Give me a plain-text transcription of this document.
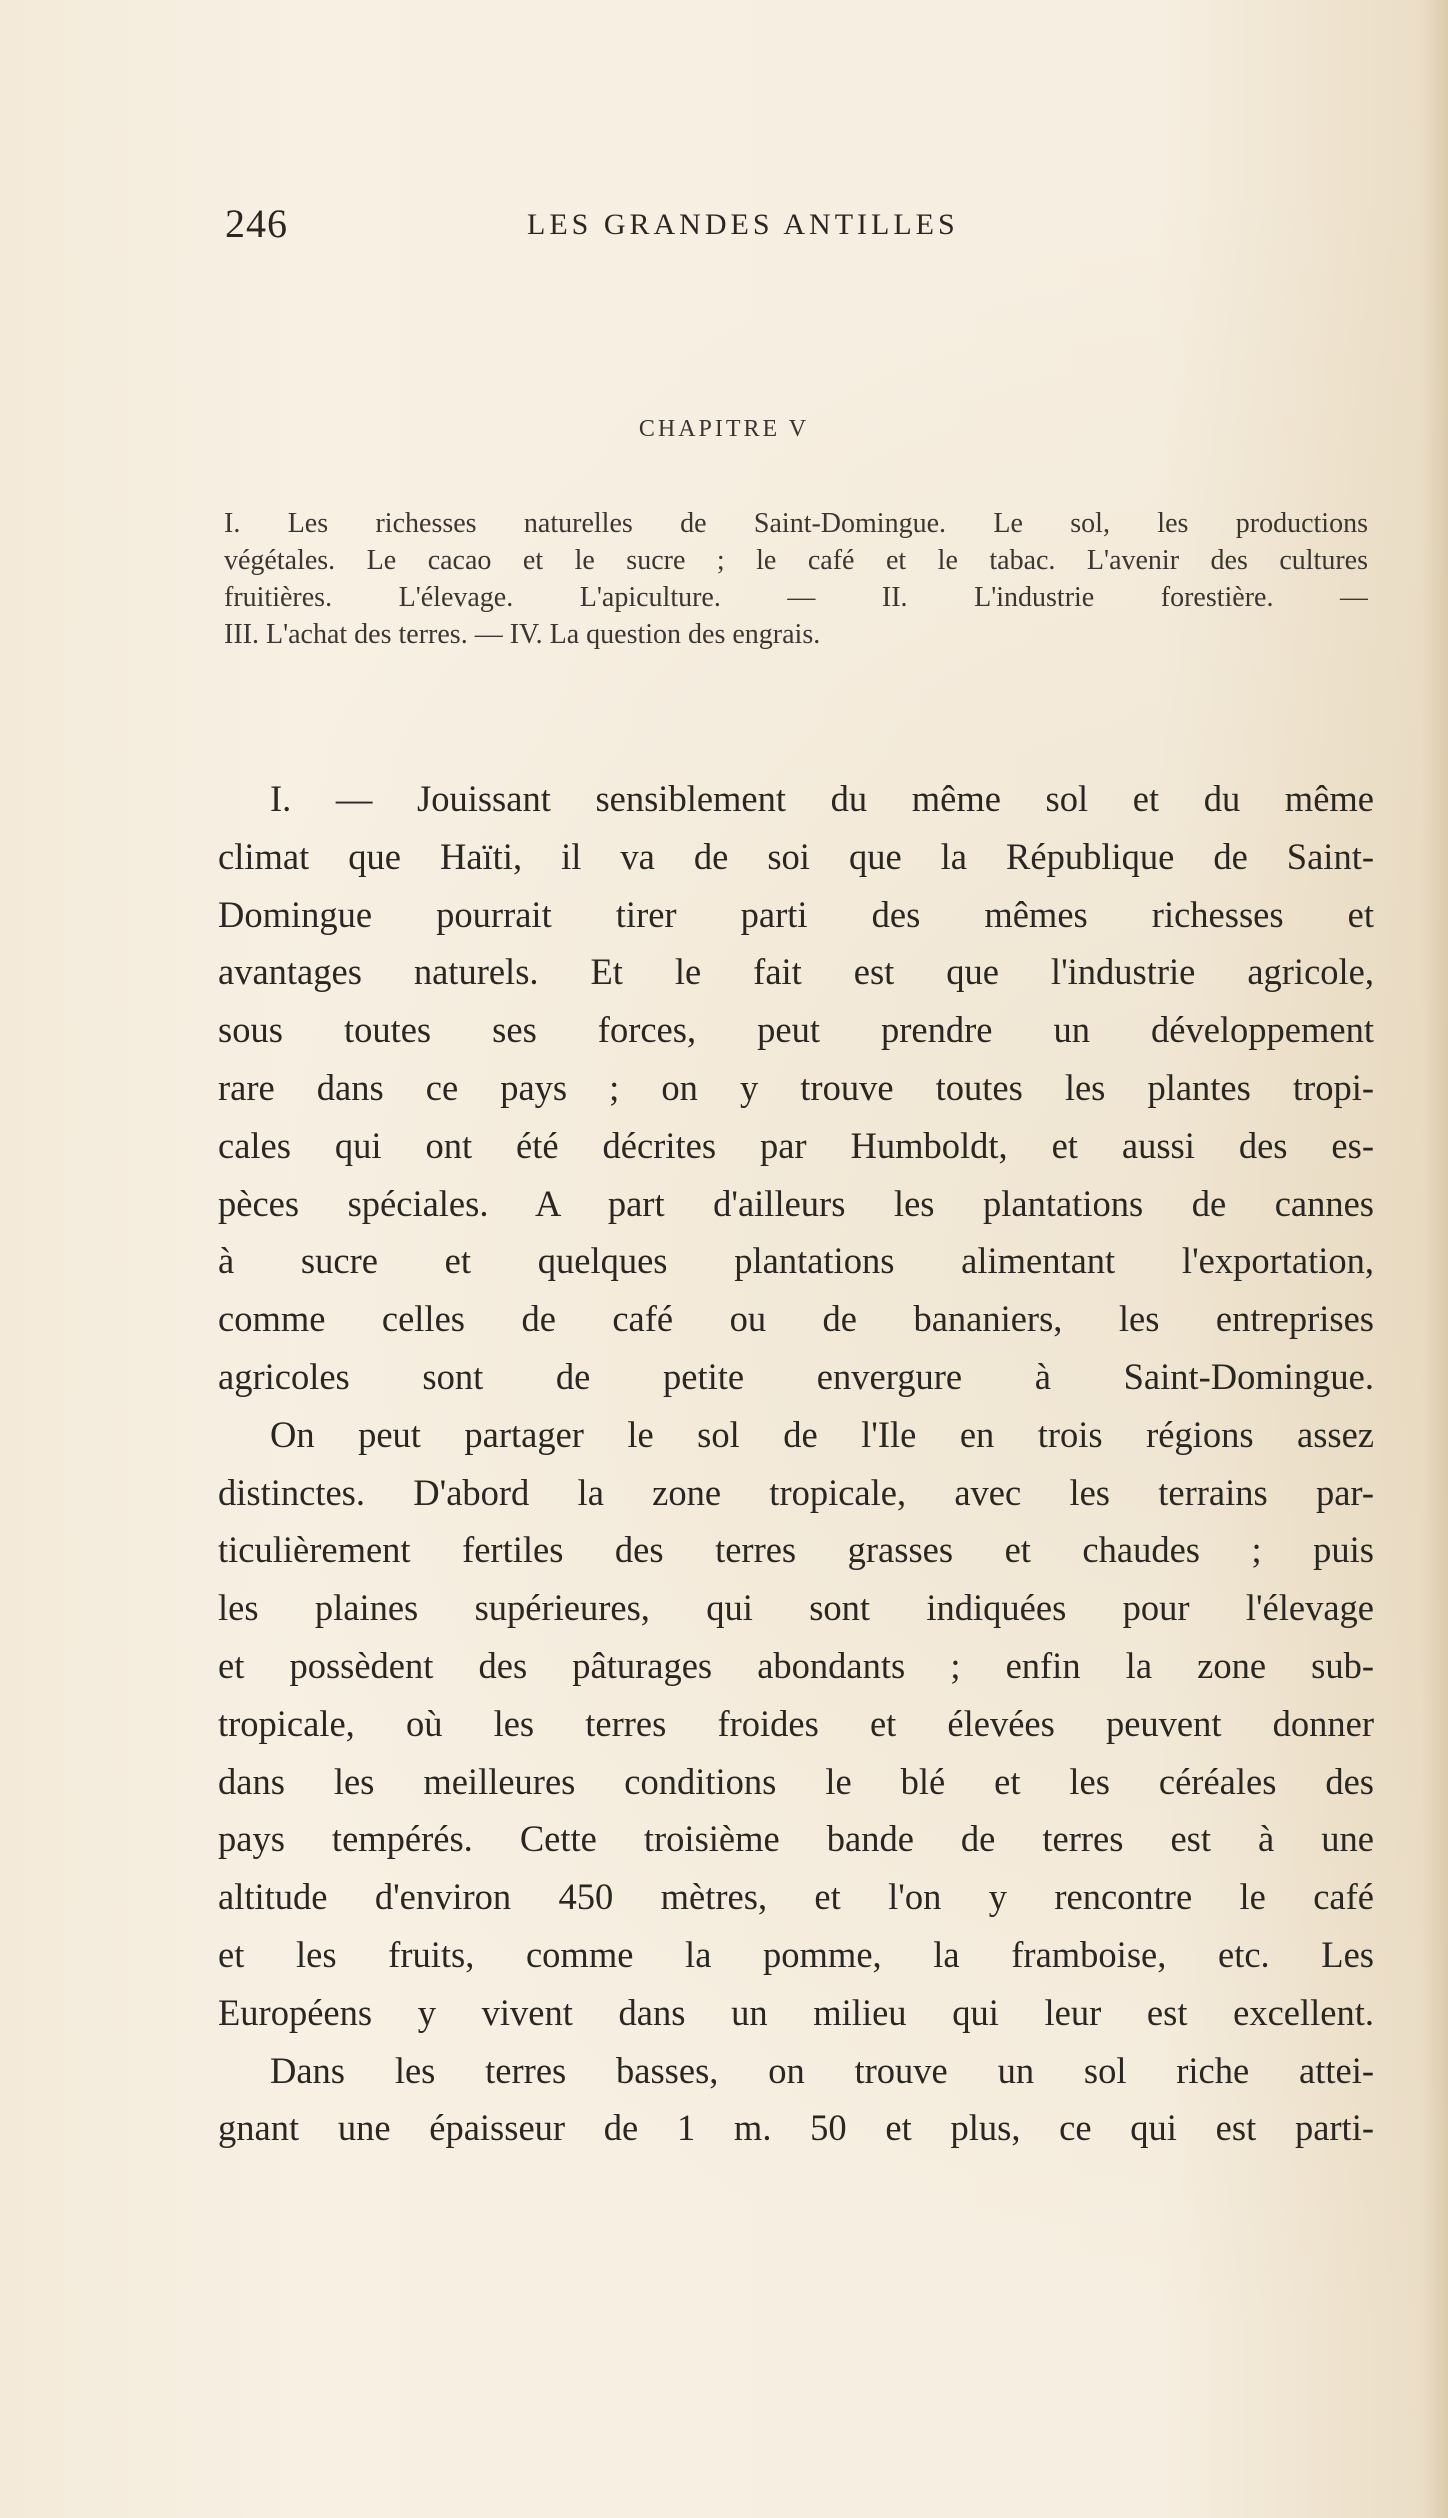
246	LES GRANDES ANTILLES
CHAPITRE V
I. Les richesses naturelles de Saint-Domingue. Le sol, les productions
végétales. Le cacao et le sucre ; le café et le tabac. L'avenir des cultures
fruitières. L'élevage. L'apiculture. — II. L'industrie forestière. —
III. L'achat des terres. — IV. La question des engrais.
I. — Jouissant sensiblement du même sol et du même
climat que Haïti, il va de soi que la République de Saint-
Domingue pourrait tirer parti des mêmes richesses et
avantages naturels. Et le fait est que l'industrie agricole,
sous toutes ses forces, peut prendre un développement
rare dans ce pays ; on y trouve toutes les plantes tropi-
cales qui ont été décrites par Humboldt, et aussi des es-
pèces spéciales. A part d'ailleurs les plantations de cannes
à sucre et quelques plantations alimentant l'exportation,
comme celles de café ou de bananiers, les entreprises
agricoles sont de petite envergure à Saint-Domingue.
On peut partager le sol de l'Ile en trois régions assez
distinctes. D'abord la zone tropicale, avec les terrains par-
ticulièrement fertiles des terres grasses et chaudes ; puis
les plaines supérieures, qui sont indiquées pour l'élevage
et possèdent des pâturages abondants ; enfin la zone sub-
tropicale, où les terres froides et élevées peuvent donner
dans les meilleures conditions le blé et les céréales des
pays tempérés. Cette troisième bande de terres est à une
altitude d'environ 450 mètres, et l'on y rencontre le café
et les fruits, comme la pomme, la framboise, etc. Les
Européens y vivent dans un milieu qui leur est excellent.
Dans les terres basses, on trouve un sol riche attei-
gnant une épaisseur de 1 m. 50 et plus, ce qui est parti-
